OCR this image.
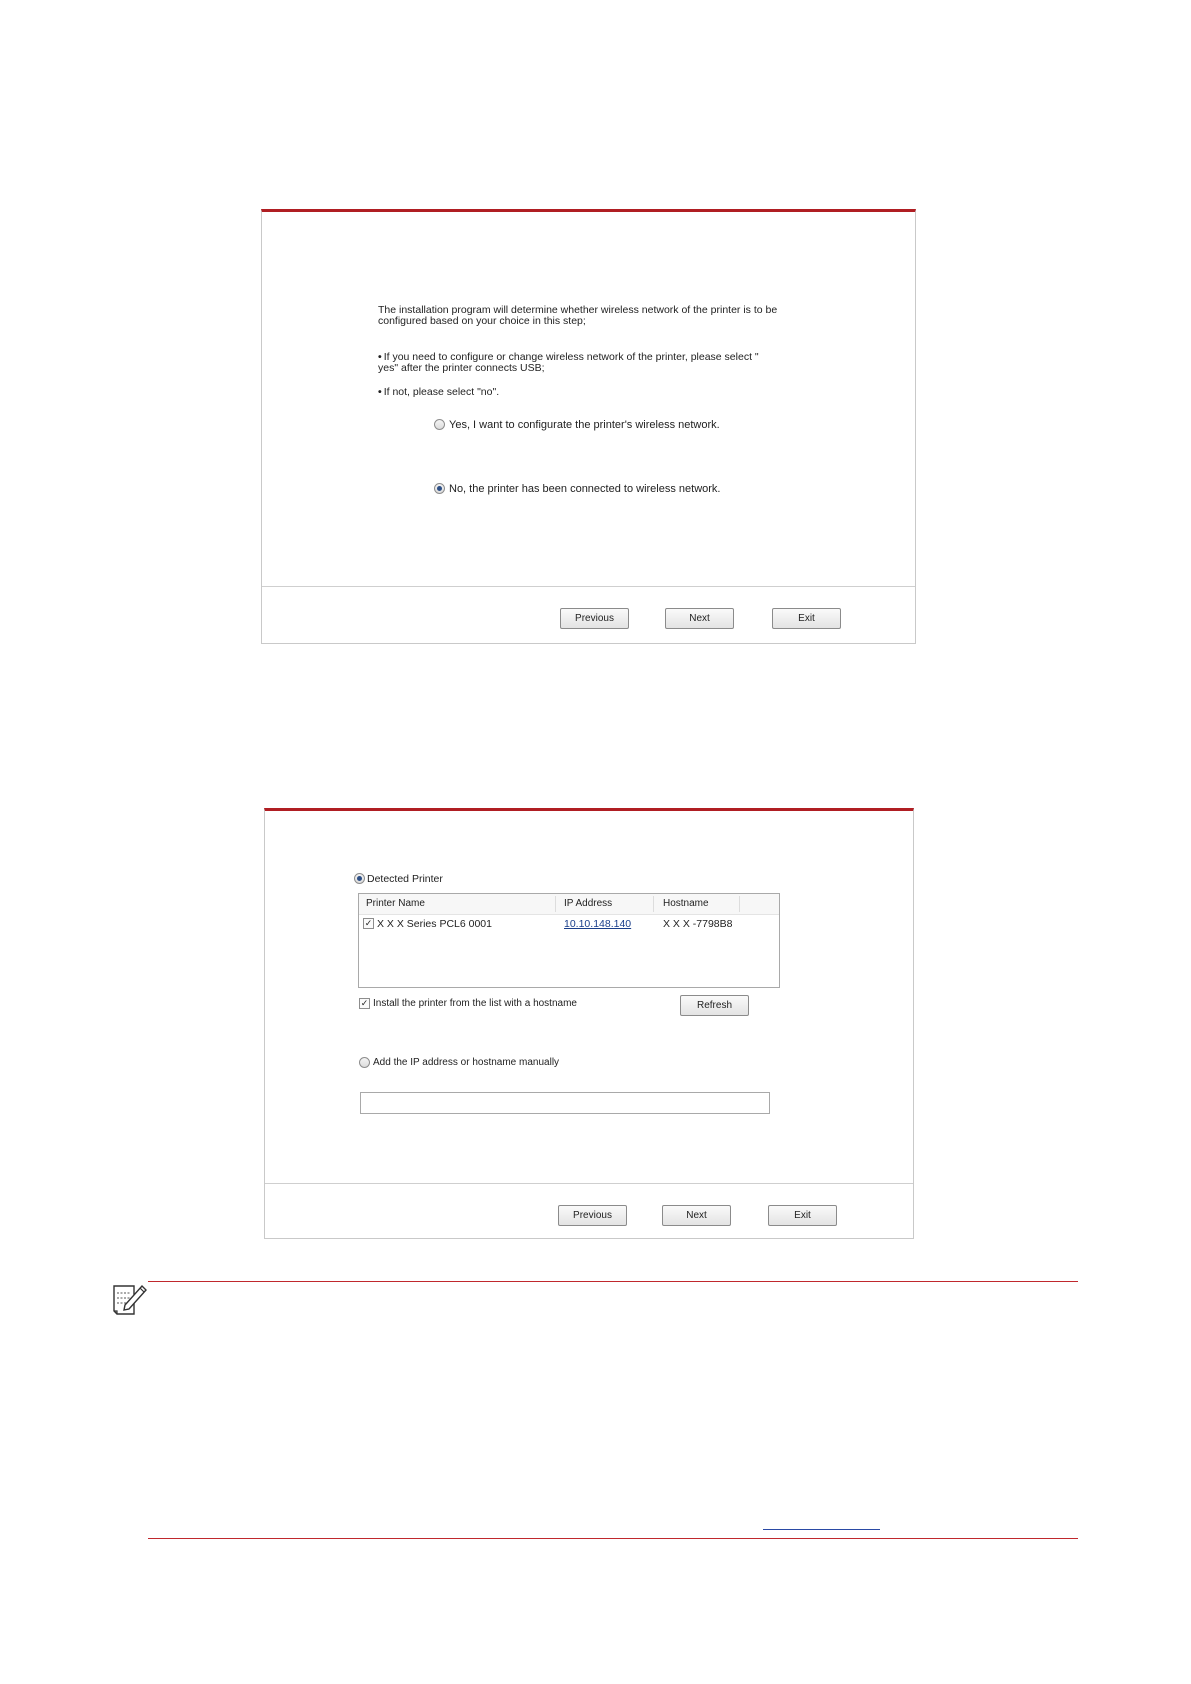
The installation program will determine whether wireless network of the printer is to be
configured based on your choice in this step;
• If you need to configure or change wireless network of the printer, please select "
yes" after the printer connects USB;
• If not, please select "no".
Yes, I want to configurate the printer's wireless network.
No, the printer has been connected to wireless network.
Previous	Next	Exit
Detected Printer
Printer Name	IP Address	Hostname
✓ X X X Series PCL6 0001	10.10.148.140	X X X -7798B8
✓ Install the printer from the list with a hostname	Refresh
Add the IP address or hostname manually
Previous	Next	Exit
